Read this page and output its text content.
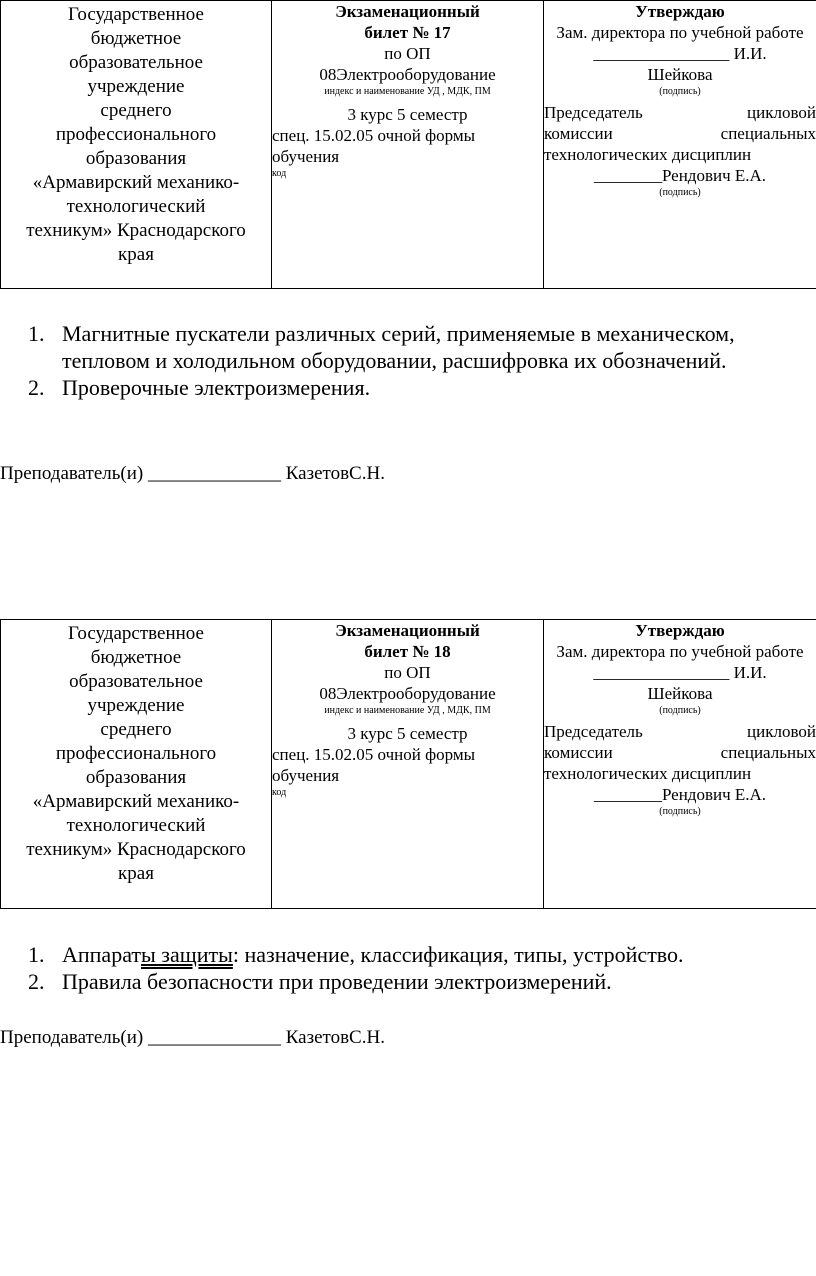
Государственное
бюджетное
образовательное
учреждение
среднего
профессионального
образования
«Армавирский механико-
технологический
техникум» Краснодарского
края

Экзаменационный
билет № 17
по ОП
08Электрооборудование
индекс и наименование УД , МДК, ПМ
3 курс 5 семестр
спец. 15.02.05 очной формы обучения
код

Утверждаю
Зам. директора по учебной работе
________________ И.И.
Шейкова
(подпись)
Председатель цикловой
комиссии специальных
технологических дисциплин
________Рендович Е.А.
(подпись)
1. Магнитные пускатели различных серий, применяемые в механическом, тепловом и холодильном оборудовании, расшифровка их обозначений.
2. Проверочные электроизмерения.
Преподаватель(и) ______________ КазетовС.Н.
Государственное
бюджетное
образовательное
учреждение
среднего
профессионального
образования
«Армавирский механико-
технологический
техникум» Краснодарского
края

Экзаменационный
билет № 18
по ОП
08Электрооборудование
индекс и наименование УД , МДК, ПМ
3 курс 5 семестр
спец. 15.02.05 очной формы обучения
код

Утверждаю
Зам. директора по учебной работе
________________ И.И.
Шейкова
(подпись)
Председатель цикловой
комиссии специальных
технологических дисциплин
________Рендович Е.А.
(подпись)
1. Аппараты защиты: назначение, классификация, типы, устройство.
2. Правила безопасности при проведении электроизмерений.
Преподаватель(и) ______________ КазетовС.Н.
